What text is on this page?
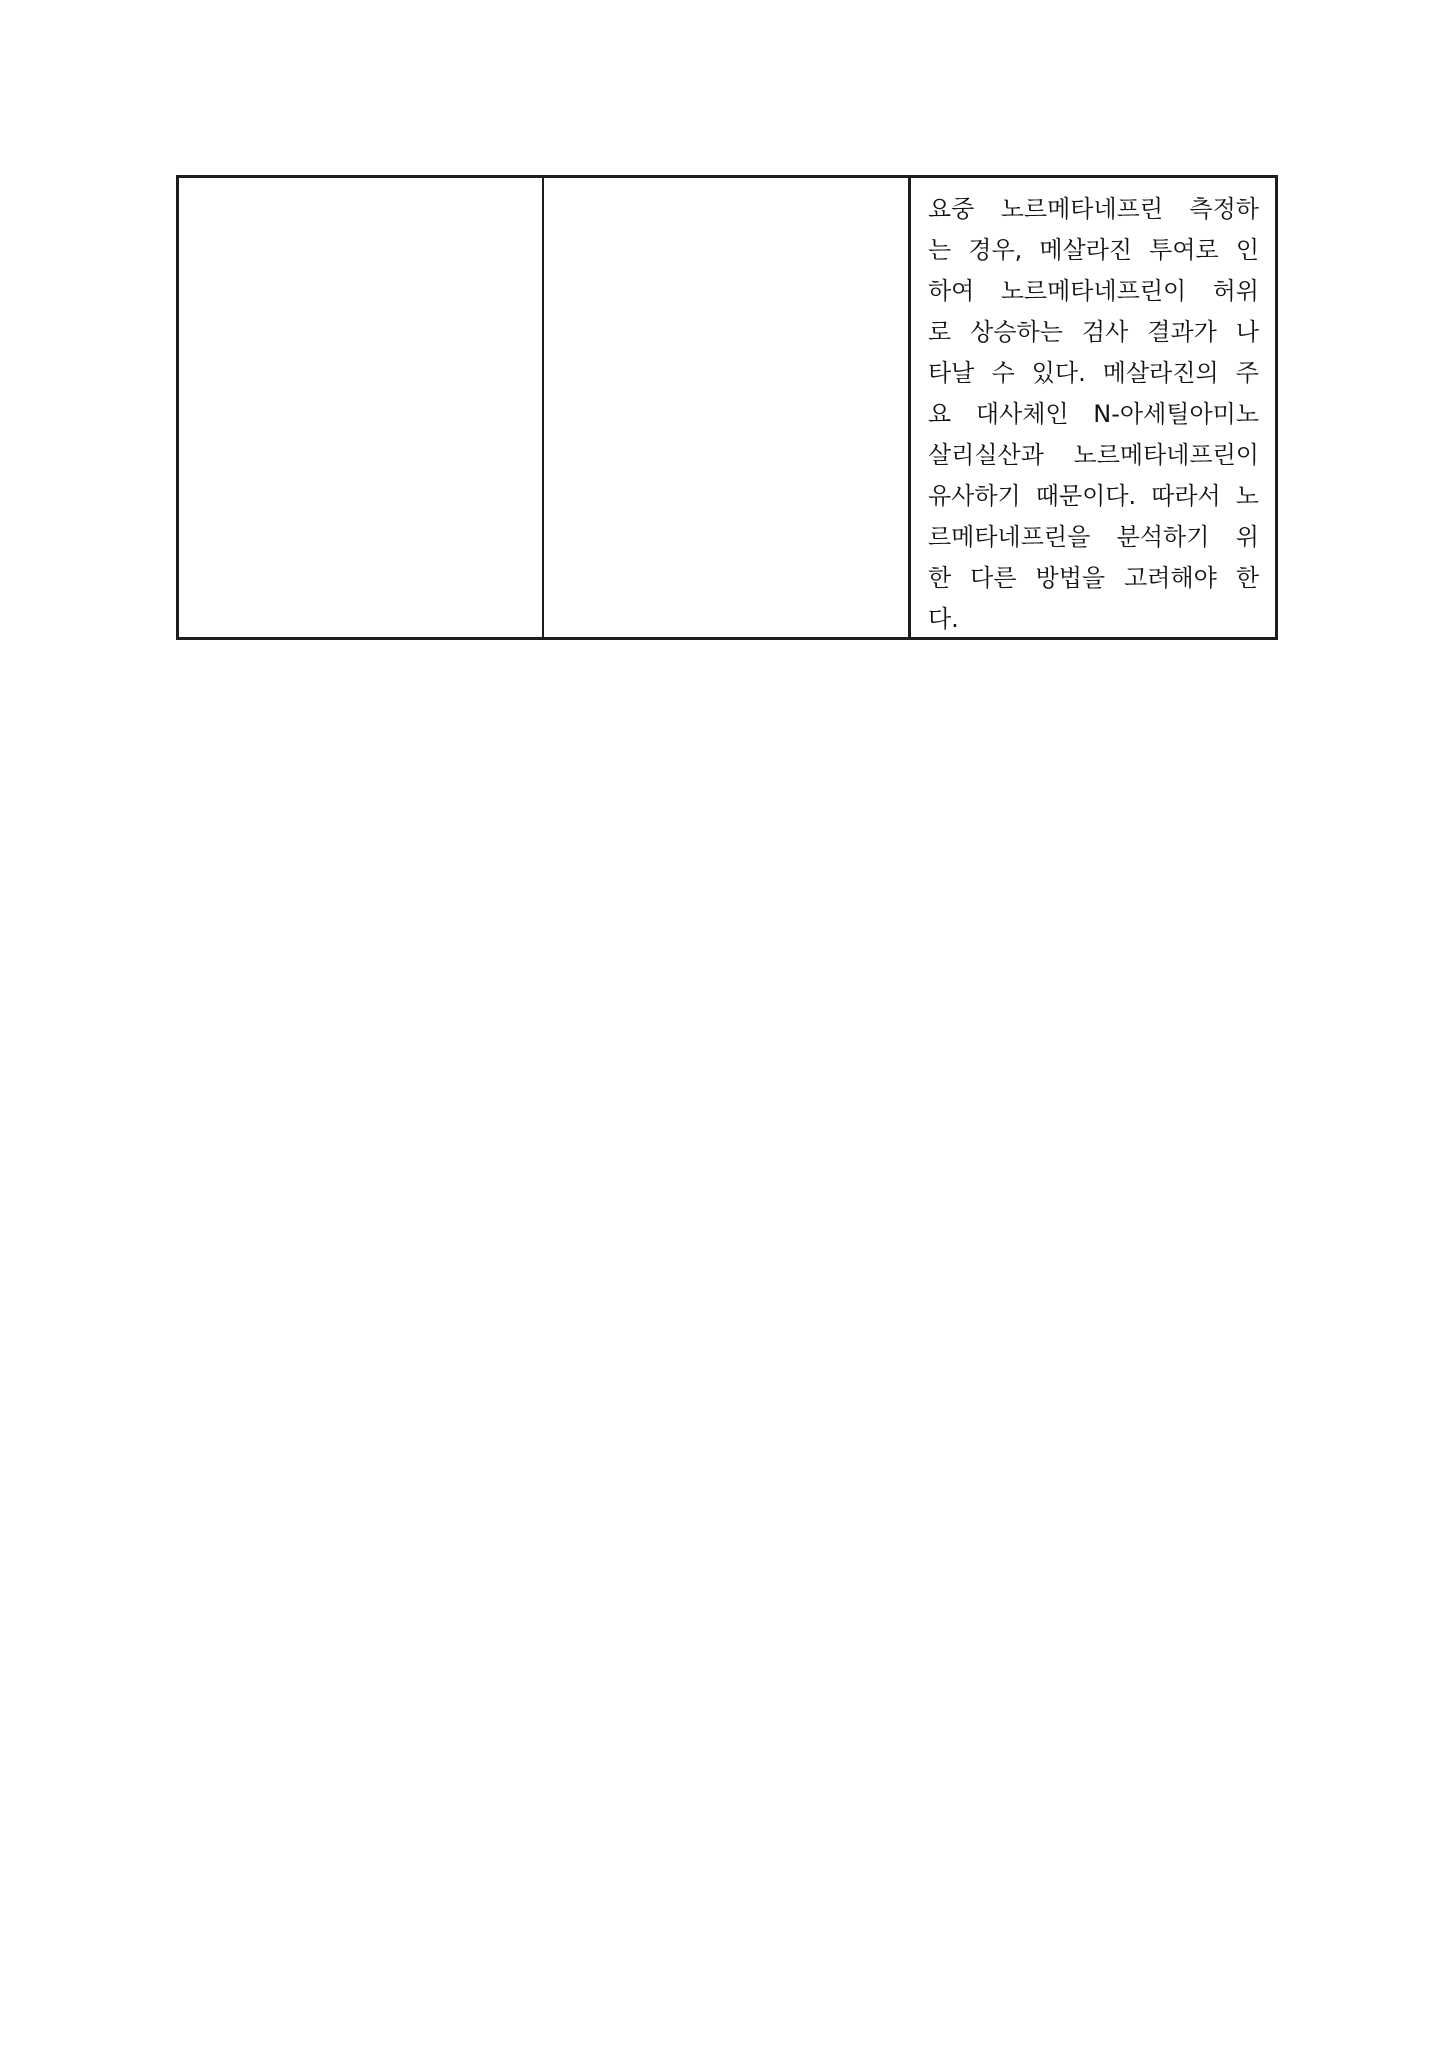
요중 노르메타네프린 측정하
는 경우, 메살라진 투여로 인
하여 노르메타네프린이 허위
로 상승하는 검사 결과가 나
타날 수 있다. 메살라진의 주
요 대사체인 N-아세틸아미노
살리실산과 노르메타네프린이
유사하기 때문이다. 따라서 노
르메타네프린을 분석하기 위
한 다른 방법을 고려해야 한
다.
